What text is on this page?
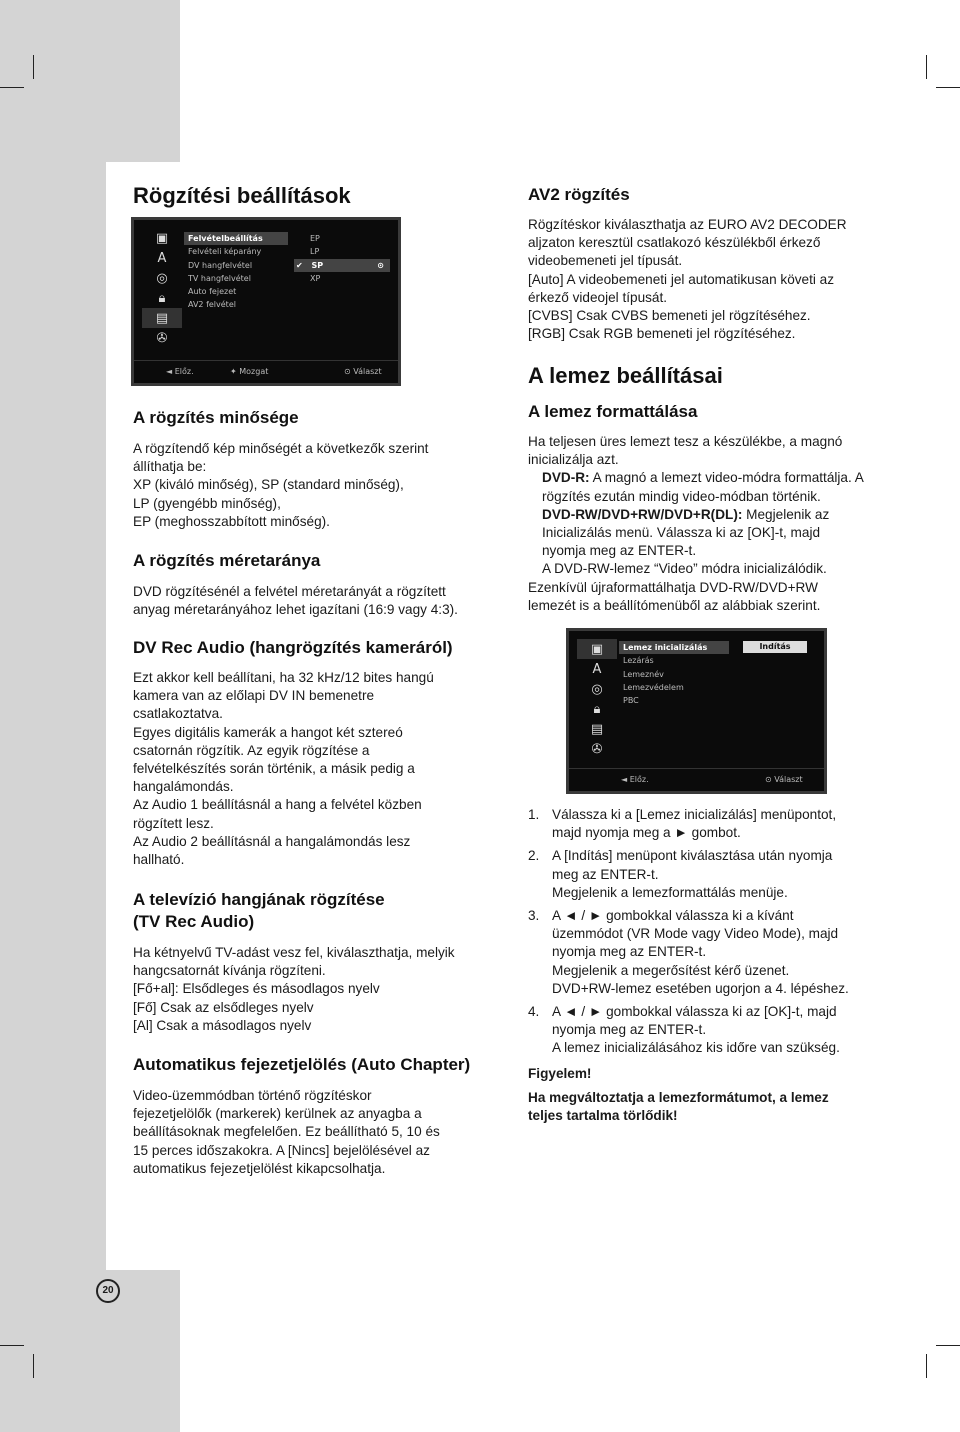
Rögzítési beállítások
▣
A
◎
🔒︎
▤
✇
Felvételbeállítás
Felvételi képarány
DV hangfelvétel
TV hangfelvétel
Auto fejezet
AV2 felvétel
EP
LP
✔ SP	⊙
XP
◄ Előz.	✦ Mozgat	⊙ Választ
A rögzítés minősége
A rögzítendő kép minőségét a következők szerint
állíthatja be:
XP (kiváló minőség), SP (standard minőség),
LP (gyengébb minőség),
EP (meghosszabbított minőség).
A rögzítés méretaránya
DVD rögzítésénél a felvétel méretarányát a rögzített
anyag méretarányához lehet igazítani (16:9 vagy 4:3).
DV Rec Audio (hangrögzítés kameráról)
Ezt akkor kell beállítani, ha 32 kHz/12 bites hangú
kamera van az előlapi DV IN bemenetre
csatlakoztatva.
Egyes digitális kamerák a hangot két sztereó
csatornán rögzítik. Az egyik rögzítése a
felvételkészítés során történik, a másik pedig a
hangalámondás.
Az Audio 1 beállításnál a hang a felvétel közben
rögzített lesz.
Az Audio 2 beállításnál a hangalámondás lesz
hallható.
A televízió hangjának rögzítése
(TV Rec Audio)
Ha kétnyelvű TV-adást vesz fel, kiválaszthatja, melyik
hangcsatornát kívánja rögzíteni.
[Fő+al]: Elsődleges és másodlagos nyelv
[Fő] Csak az elsődleges nyelv
[Al] Csak a másodlagos nyelv
Automatikus fejezetjelölés (Auto Chapter)
Video-üzemmódban történő rögzítéskor
fejezetjelölők (markerek) kerülnek az anyagba a
beállításoknak megfelelően. Ez beállítható 5, 10 és
15 perces időszakokra. A [Nincs] bejelölésével az
automatikus fejezetjelölést kikapcsolhatja.
20
AV2 rögzítés
Rögzítéskor kiválaszthatja az EURO AV2 DECODER
aljzaton keresztül csatlakozó készülékből érkező
videobemeneti jel típusát.
[Auto] A videobemeneti jel automatikusan követi az
érkező videojel típusát.
[CVBS] Csak CVBS bemeneti jel rögzítéséhez.
[RGB] Csak RGB bemeneti jel rögzítéséhez.
A lemez beállításai
A lemez formattálása
Ha teljesen üres lemezt tesz a készülékbe, a magnó
inicializálja azt.
DVD-R: A magnó a lemezt video-módra formattálja. A
rögzítés ezután mindig video-módban történik.
DVD-RW/DVD+RW/DVD+R(DL): Megjelenik az
Inicializálás menü. Válassza ki az [OK]-t, majd
nyomja meg az ENTER-t.
A DVD-RW-lemez “Video” módra inicializálódik.
Ezenkívül újraformattálhatja DVD-RW/DVD+RW
lemezét is a beállítómenüből az alábbiak szerint.
▣
A
◎
🔒︎
▤
✇
Lemez inicializálás
Lezárás
Lemeznév
Lemezvédelem
PBC
Indítás
◄ Előz.	⊙ Választ
1. Válassza ki a [Lemez inicializálás] menüpontot,
majd nyomja meg a ► gombot.
2. A [Indítás] menüpont kiválasztása után nyomja
meg az ENTER-t.
Megjelenik a lemezformattálás menüje.
3. A ◄ / ► gombokkal válassza ki a kívánt
üzemmódot (VR Mode vagy Video Mode), majd
nyomja meg az ENTER-t.
Megjelenik a megerősítést kérő üzenet.
DVD+RW-lemez esetében ugorjon a 4. lépéshez.
4. A ◄ / ► gombokkal válassza ki az [OK]-t, majd
nyomja meg az ENTER-t.
A lemez inicializálásához kis időre van szükség.
Figyelem!
Ha megváltoztatja a lemezformátumot, a lemez
teljes tartalma törlődik!
